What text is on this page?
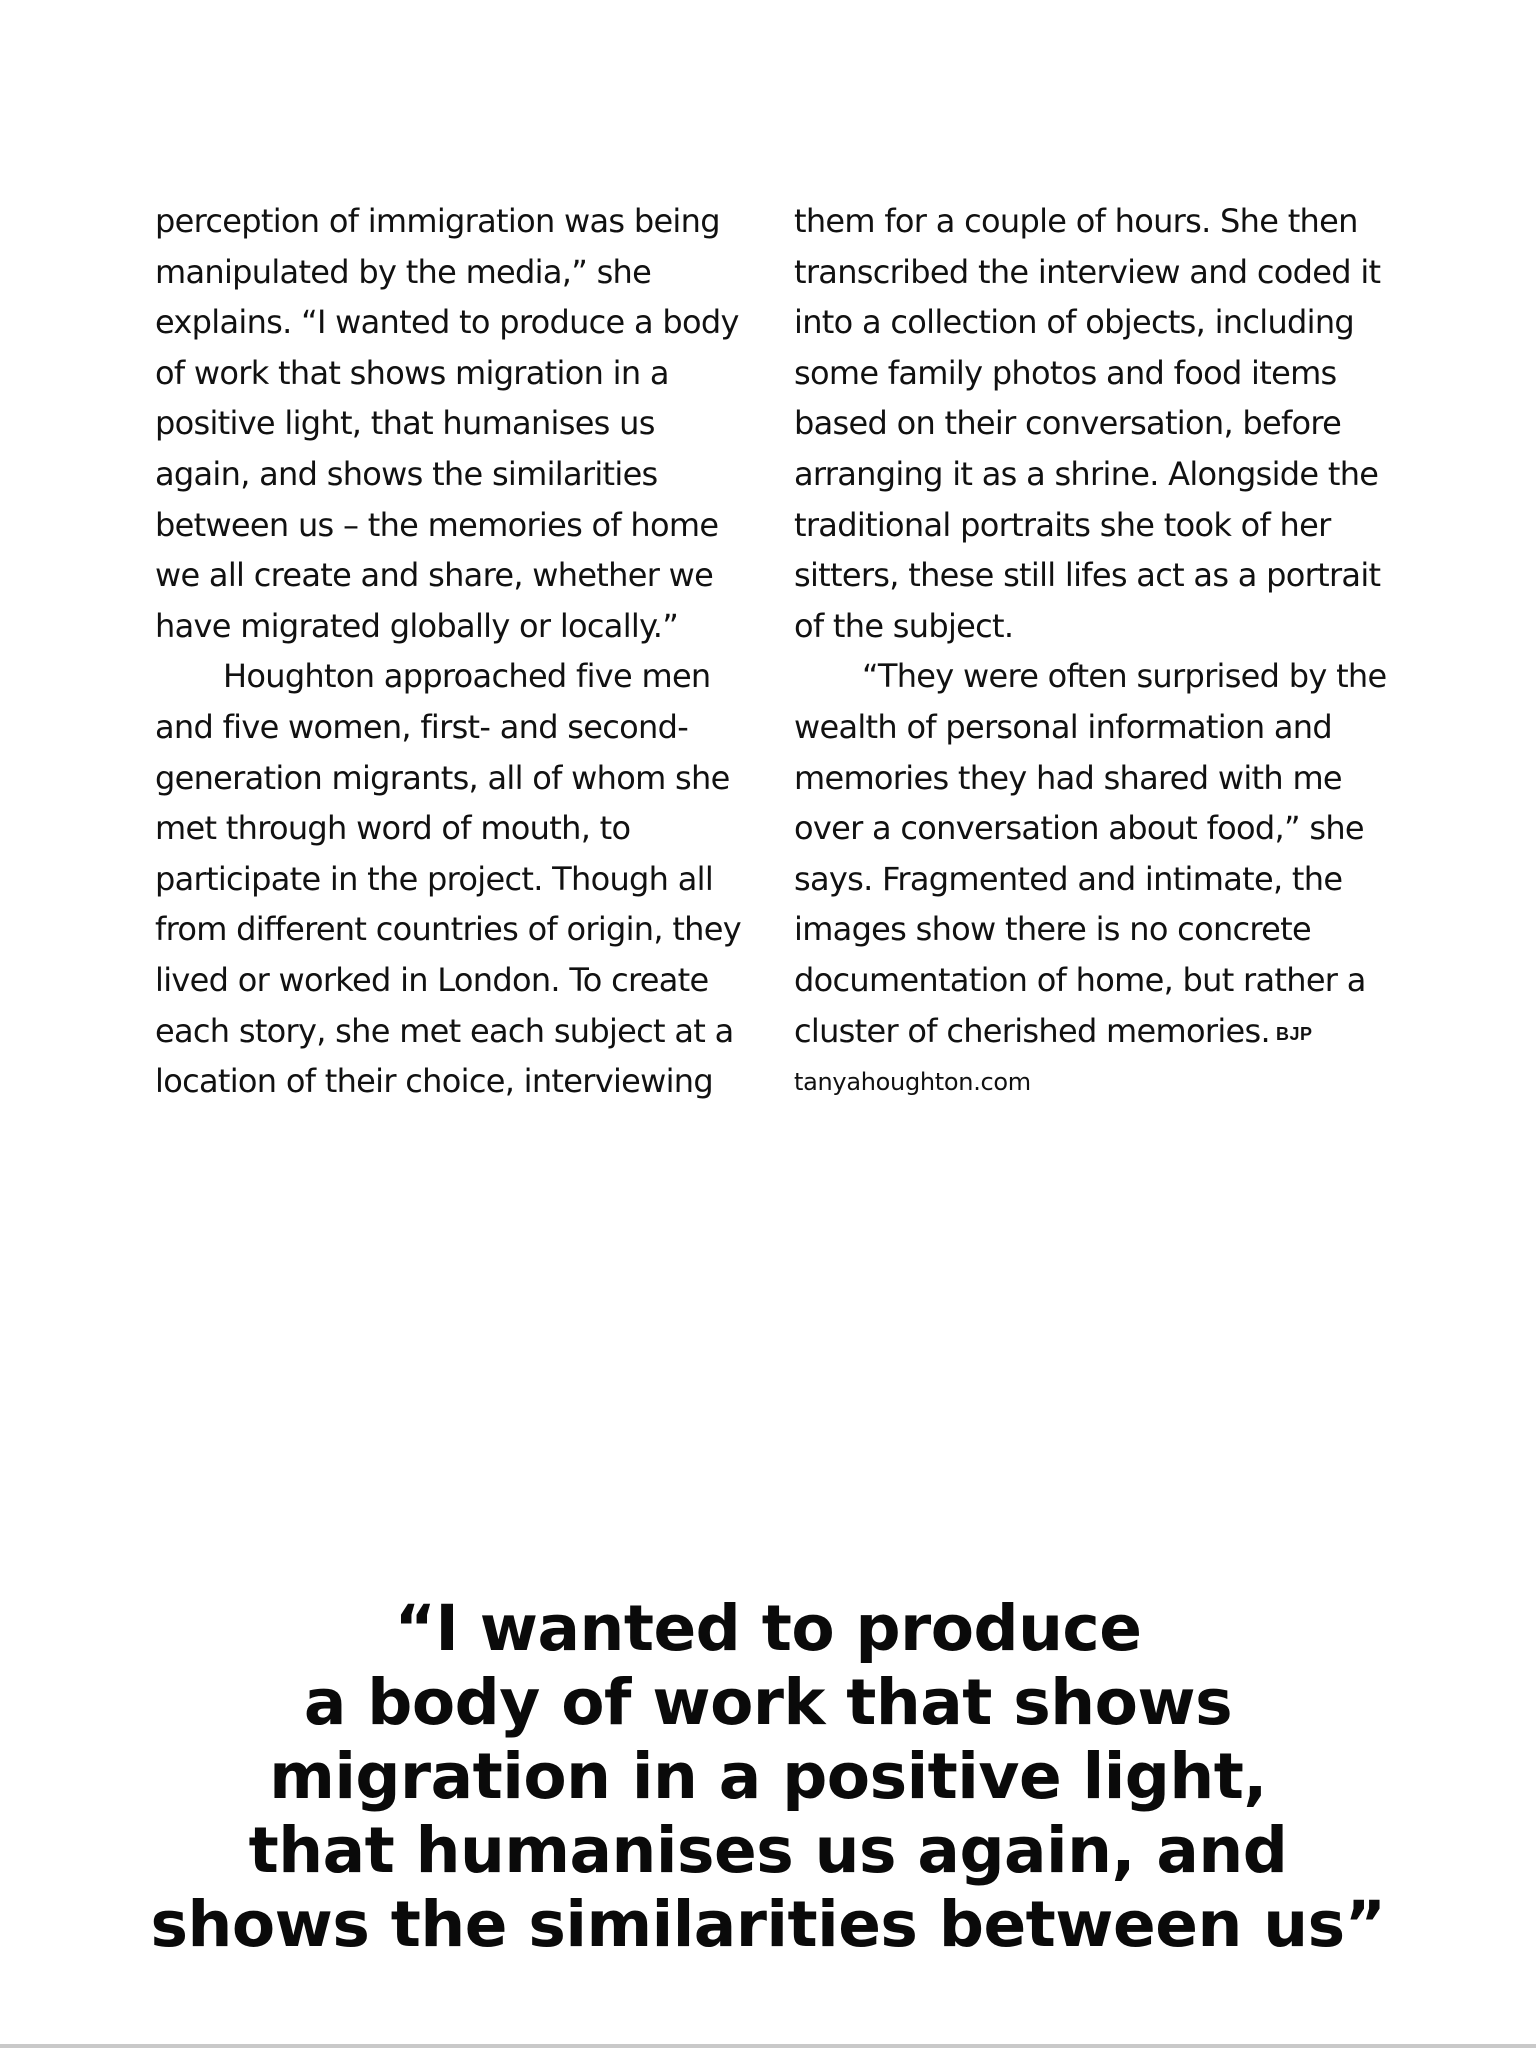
perception of immigration was being manipulated by the media,” she explains. “I wanted to produce a body of work that shows migration in a positive light, that humanises us again, and shows the similarities between us – the memories of home we all create and share, whether we have migrated globally or locally.”

Houghton approached five men and five women, first- and second-generation migrants, all of whom she met through word of mouth, to participate in the project. Though all from different countries of origin, they lived or worked in London. To create each story, she met each subject at a location of their choice, interviewing

them for a couple of hours. She then transcribed the interview and coded it into a collection of objects, including some family photos and food items based on their conversation, before arranging it as a shrine. Alongside the traditional portraits she took of her sitters, these still lifes act as a portrait of the subject.

“They were often surprised by the wealth of personal information and memories they had shared with me over a conversation about food,” she says. Fragmented and intimate, the images show there is no concrete documentation of home, but rather a cluster of cherished memories. BJP

tanyahoughton.com

“I wanted to produce
a body of work that shows
migration in a positive light,
that humanises us again, and
shows the similarities between us”
